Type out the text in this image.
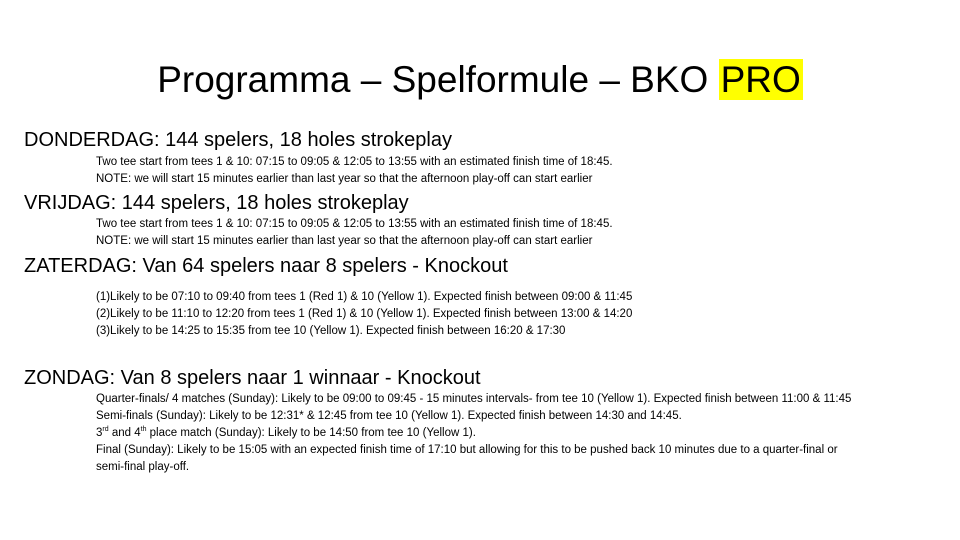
Programma – Spelformule – BKO PRO
DONDERDAG: 144 spelers, 18 holes strokeplay
Two tee start from tees 1 & 10: 07:15 to 09:05 & 12:05 to 13:55 with an estimated finish time of 18:45.
NOTE: we will start 15 minutes earlier than last year so that the afternoon play-off can start earlier
VRIJDAG: 144 spelers, 18 holes strokeplay
Two tee start from tees 1 & 10: 07:15 to 09:05 & 12:05 to 13:55 with an estimated finish time of 18:45.
NOTE: we will start 15 minutes earlier than last year so that the afternoon play-off can start earlier
ZATERDAG: Van 64 spelers naar 8 spelers - Knockout
(1)Likely to be 07:10 to 09:40 from tees 1 (Red 1) & 10 (Yellow 1). Expected finish between 09:00 & 11:45
(2)Likely to be 11:10 to 12:20 from tees 1 (Red 1) & 10 (Yellow 1). Expected finish between 13:00 & 14:20
(3)Likely to be 14:25 to 15:35 from tee 10 (Yellow 1). Expected finish between 16:20 & 17:30
ZONDAG: Van 8 spelers naar 1 winnaar - Knockout
Quarter-finals/ 4 matches (Sunday): Likely to be 09:00 to 09:45 - 15 minutes intervals- from tee 10 (Yellow 1). Expected finish between 11:00 & 11:45
Semi-finals (Sunday): Likely to be 12:31* & 12:45 from tee 10 (Yellow 1). Expected finish between 14:30 and 14:45.
3rd and 4th place match (Sunday): Likely to be 14:50 from tee 10 (Yellow 1).
Final (Sunday): Likely to be 15:05 with an expected finish time of 17:10 but allowing for this to be pushed back 10 minutes due to a quarter-final or
semi-final play-off.
